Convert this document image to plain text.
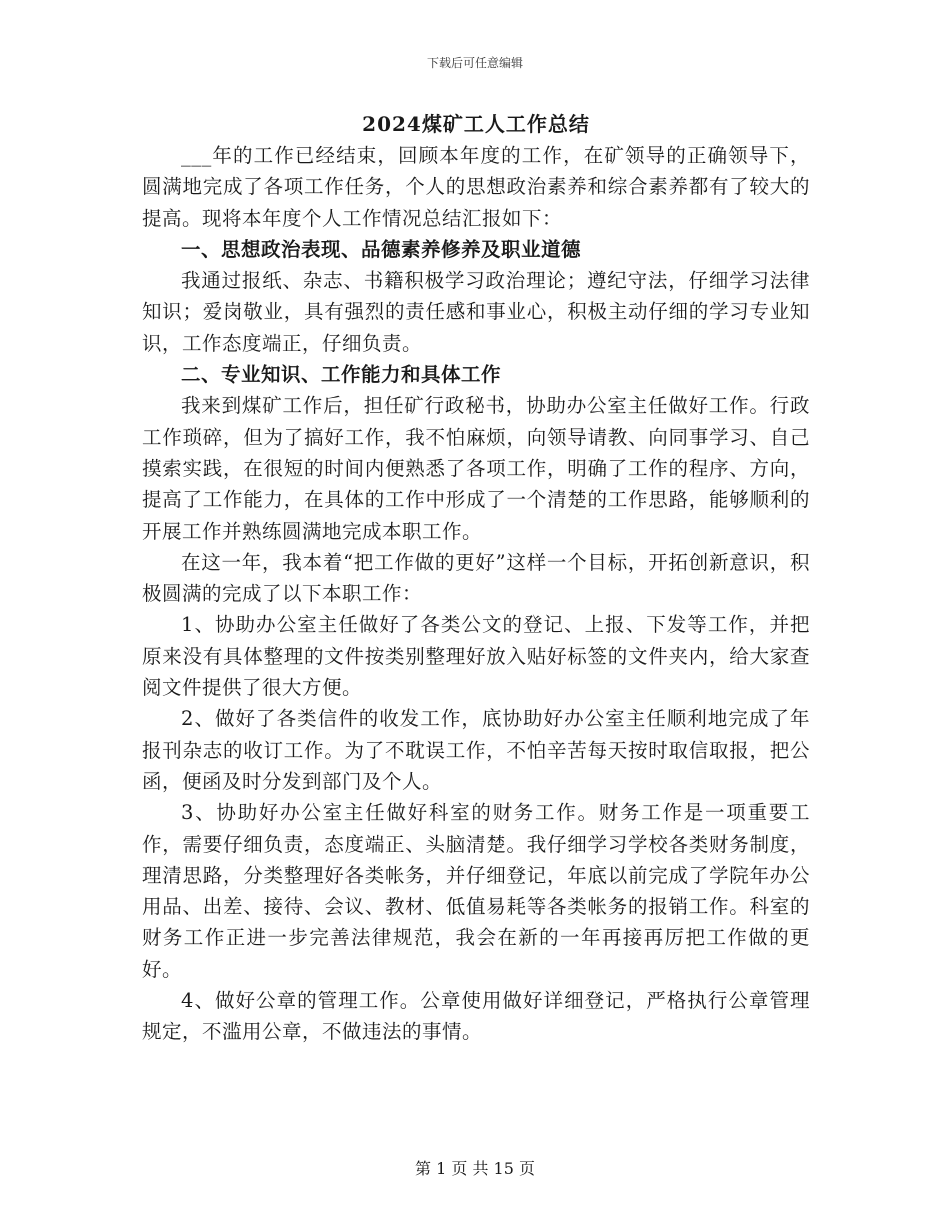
下载后可任意编辑
2024煤矿工人工作总结

___年的工作已经结束，回顾本年度的工作，在矿领导的正确领导下，圆满地完成了各项工作任务，个人的思想政治素养和综合素养都有了较大的提高。现将本年度个人工作情况总结汇报如下：

一、思想政治表现、品德素养修养及职业道德

我通过报纸、杂志、书籍积极学习政治理论；遵纪守法，仔细学习法律知识；爱岗敬业，具有强烈的责任感和事业心，积极主动仔细的学习专业知识，工作态度端正，仔细负责。

二、专业知识、工作能力和具体工作

我来到煤矿工作后，担任矿行政秘书，协助办公室主任做好工作。行政工作琐碎，但为了搞好工作，我不怕麻烦，向领导请教、向同事学习、自己摸索实践，在很短的时间内便熟悉了各项工作，明确了工作的程序、方向，提高了工作能力，在具体的工作中形成了一个清楚的工作思路，能够顺利的开展工作并熟练圆满地完成本职工作。

在这一年，我本着“把工作做的更好”这样一个目标，开拓创新意识，积极圆满的完成了以下本职工作：

1、协助办公室主任做好了各类公文的登记、上报、下发等工作，并把原来没有具体整理的文件按类别整理好放入贴好标签的文件夹内，给大家查阅文件提供了很大方便。

2、做好了各类信件的收发工作，底协助好办公室主任顺利地完成了年报刊杂志的收订工作。为了不耽误工作，不怕辛苦每天按时取信取报，把公函，便函及时分发到部门及个人。

3、协助好办公室主任做好科室的财务工作。财务工作是一项重要工作，需要仔细负责，态度端正、头脑清楚。我仔细学习学校各类财务制度，理清思路，分类整理好各类帐务，并仔细登记，年底以前完成了学院年办公用品、出差、接待、会议、教材、低值易耗等各类帐务的报销工作。科室的财务工作正进一步完善法律规范，我会在新的一年再接再厉把工作做的更好。

4、做好公章的管理工作。公章使用做好详细登记，严格执行公章管理规定，不滥用公章，不做违法的事情。

第 1 页 共 15 页
